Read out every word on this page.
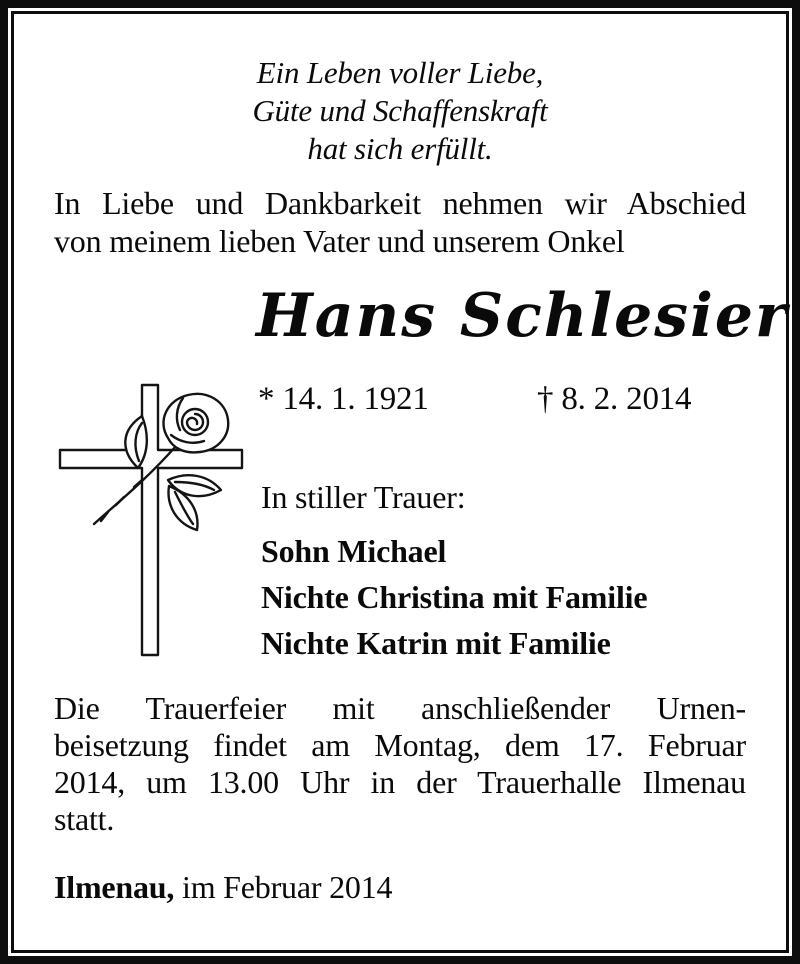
Ein Leben voller Liebe,
Güte und Schaffenskraft
hat sich erfüllt.
In Liebe und Dankbarkeit nehmen wir Abschied
von meinem lieben Vater und unserem Onkel
Hans Schlesier
* 14. 1. 1921	† 8. 2. 2014
In stiller Trauer:
Sohn Michael
Nichte Christina mit Familie
Nichte Katrin mit Familie
Die Trauerfeier mit anschließender Urnen-
beisetzung findet am Montag, dem 17. Februar
2014, um 13.00 Uhr in der Trauerhalle Ilmenau
statt.
Ilmenau, im Februar 2014
